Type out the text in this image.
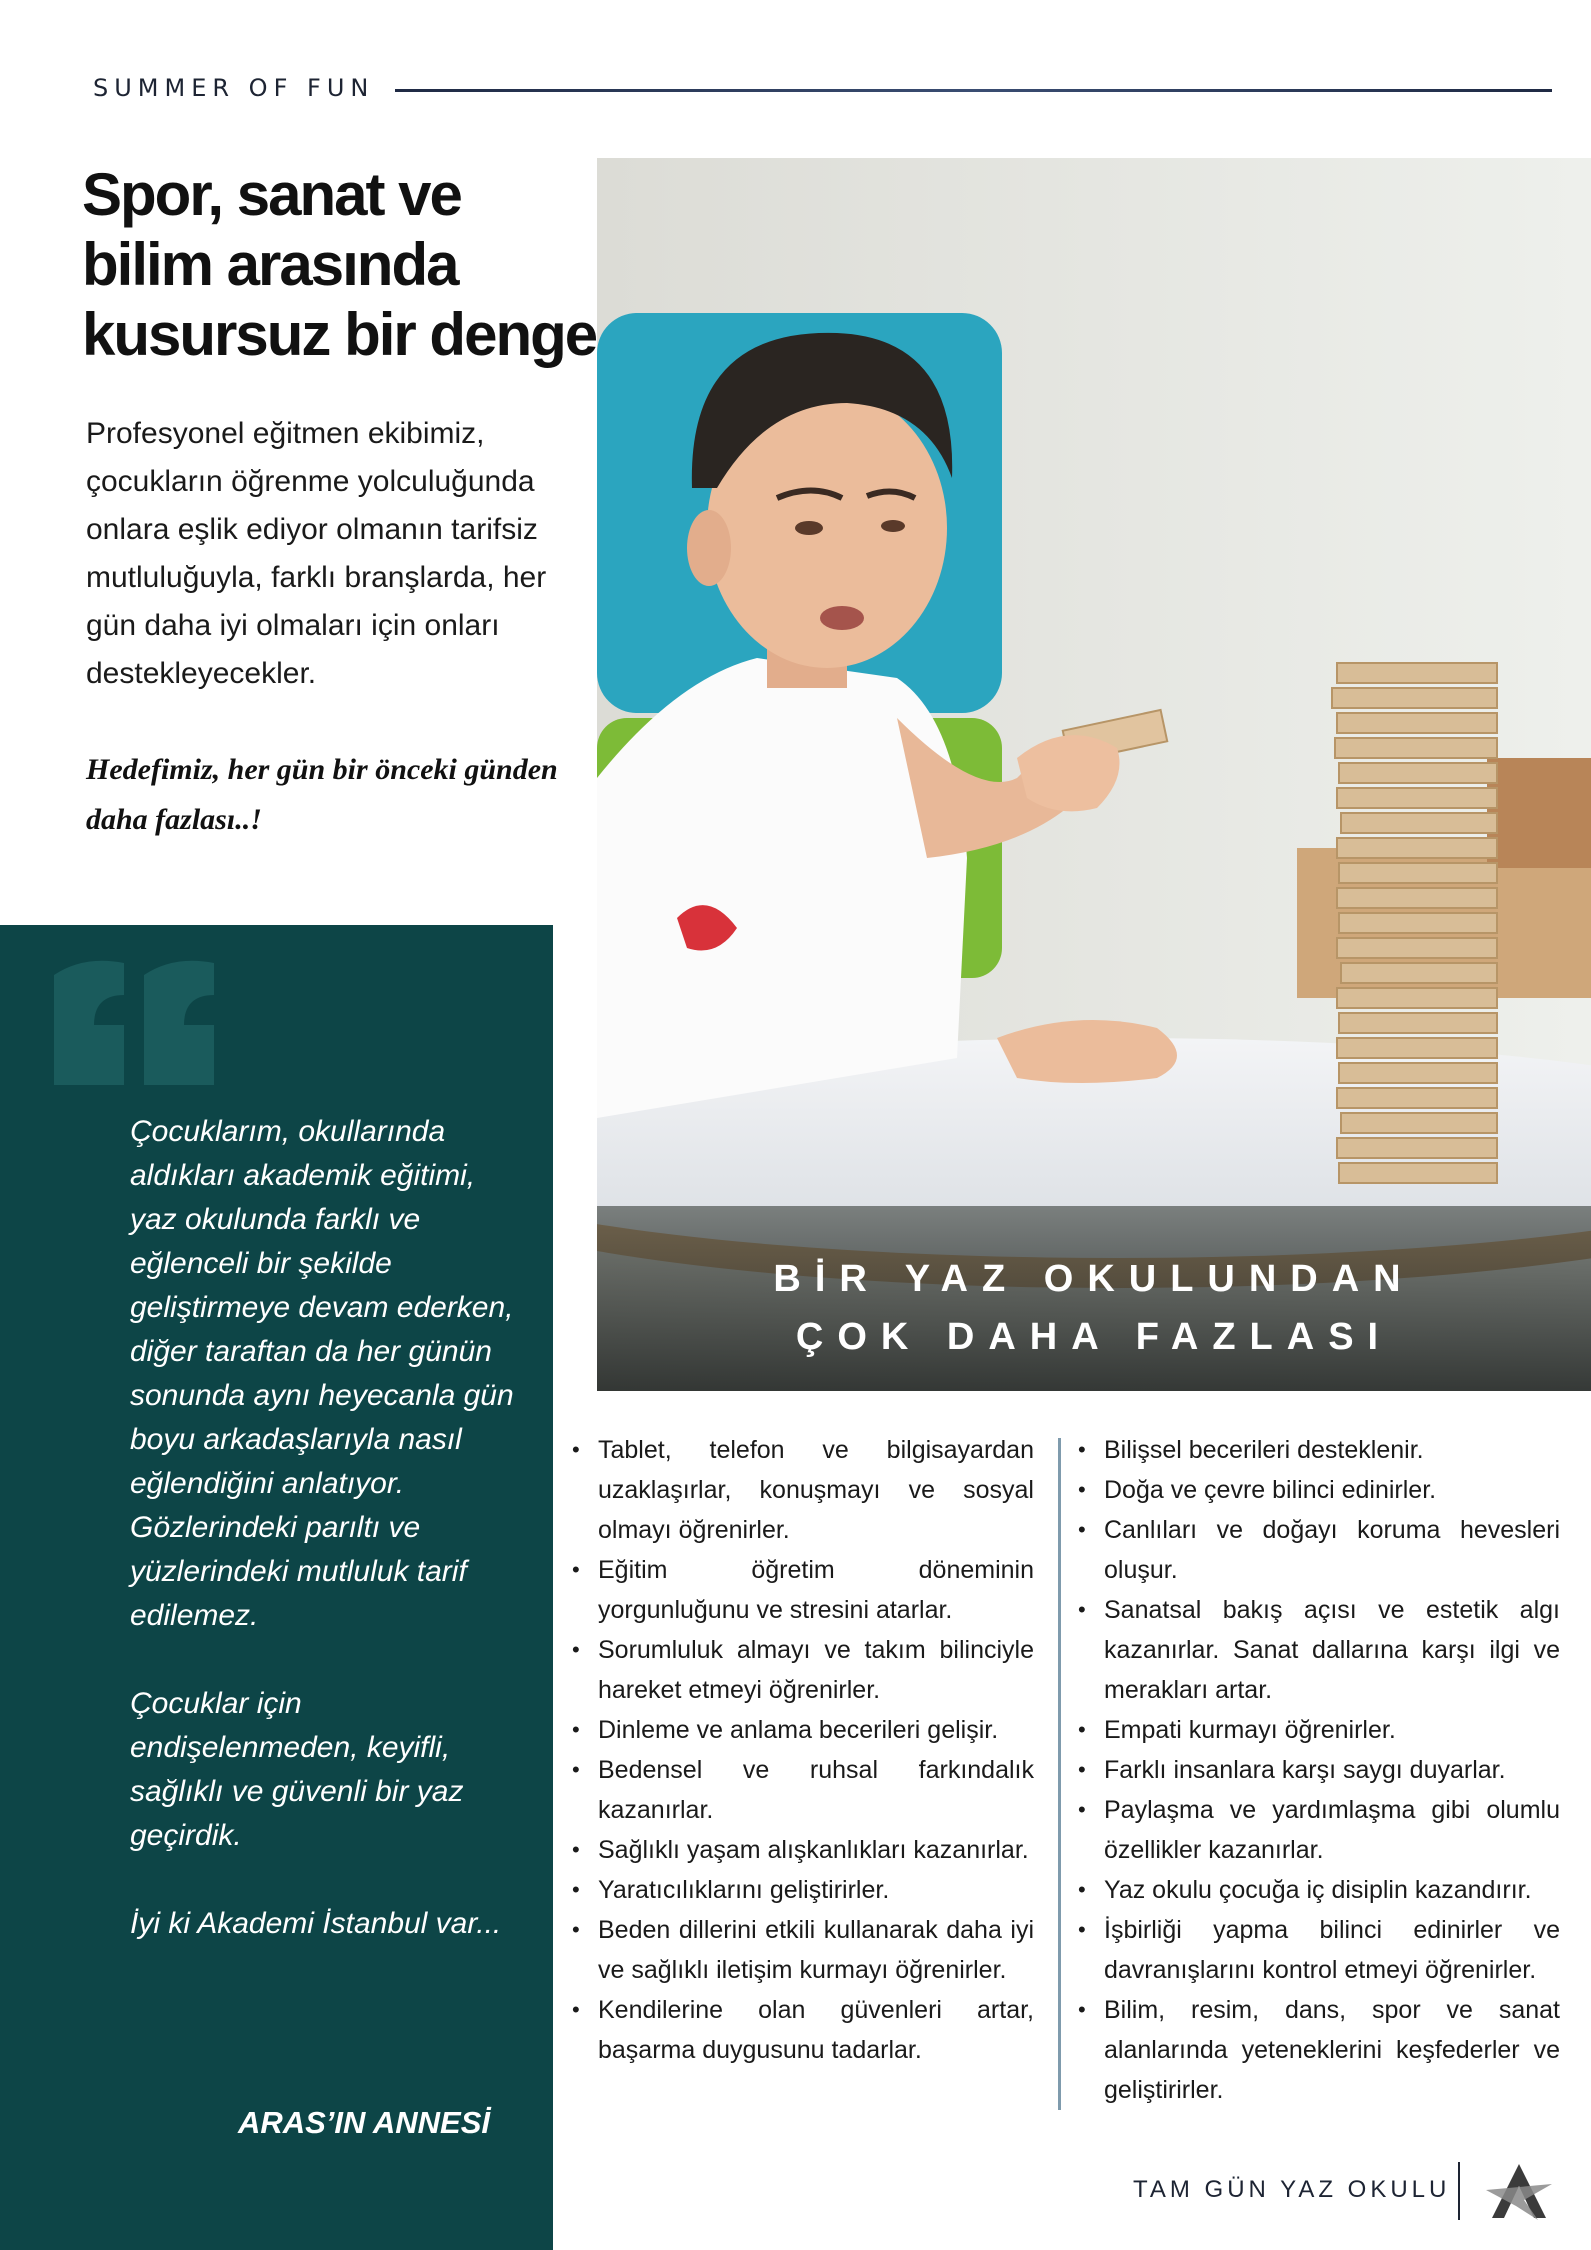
SUMMER OF FUN
Spor, sanat ve bilim arasında kusursuz bir denge

Profesyonel eğitmen ekibimiz, çocukların öğrenme yolculuğunda onlara eşlik ediyor olmanın tarifsiz mutluluğuyla, farklı branşlarda, her gün daha iyi olmaları için onları destekleyecekler.

Hedefimiz, her gün bir önceki günden daha fazlası..!

BİR YAZ OKULUNDAN
ÇOK DAHA FAZLASI
Çocuklarım, okullarında aldıkları akademik eğitimi, yaz okulunda farklı ve eğlenceli bir şekilde geliştirmeye devam ederken, diğer taraftan da her günün sonunda aynı heyecanla gün boyu arkadaşlarıyla nasıl eğlendiğini anlatıyor.
Gözlerindeki parıltı ve yüzlerindeki mutluluk tarif edilemez.

Çocuklar için endişelenmeden, keyifli, sağlıklı ve güvenli bir yaz geçirdik.

İyi ki Akademi İstanbul var...
ARAS’IN ANNESİ
• Tablet, telefon ve bilgisayardan uzaklaşırlar, konuşmayı ve sosyal olmayı öğrenirler.
• Eğitim öğretim döneminin yorgunluğunu ve stresini atarlar.
• Sorumluluk almayı ve takım bilinciyle hareket etmeyi öğrenirler.
• Dinleme ve anlama becerileri gelişir.
• Bedensel ve ruhsal farkındalık kazanırlar.
• Sağlıklı yaşam alışkanlıkları kazanırlar.
• Yaratıcılıklarını geliştirirler.
• Beden dillerini etkili kullanarak daha iyi ve sağlıklı iletişim kurmayı öğrenirler.
• Kendilerine olan güvenleri artar, başarma duygusunu tadarlar.
• Bilişsel becerileri desteklenir.
• Doğa ve çevre bilinci edinirler.
• Canlıları ve doğayı koruma hevesleri oluşur.
• Sanatsal bakış açısı ve estetik algı kazanırlar. Sanat dallarına karşı ilgi ve merakları artar.
• Empati kurmayı öğrenirler.
• Farklı insanlara karşı saygı duyarlar.
• Paylaşma ve yardımlaşma gibi olumlu özellikler kazanırlar.
• Yaz okulu çocuğa iç disiplin kazandırır.
• İşbirliği yapma bilinci edinirler ve davranışlarını kontrol etmeyi öğrenirler.
• Bilim, resim, dans, spor ve sanat alanlarında yeteneklerini keşfederler ve geliştirirler.
TAM GÜN YAZ OKULU
